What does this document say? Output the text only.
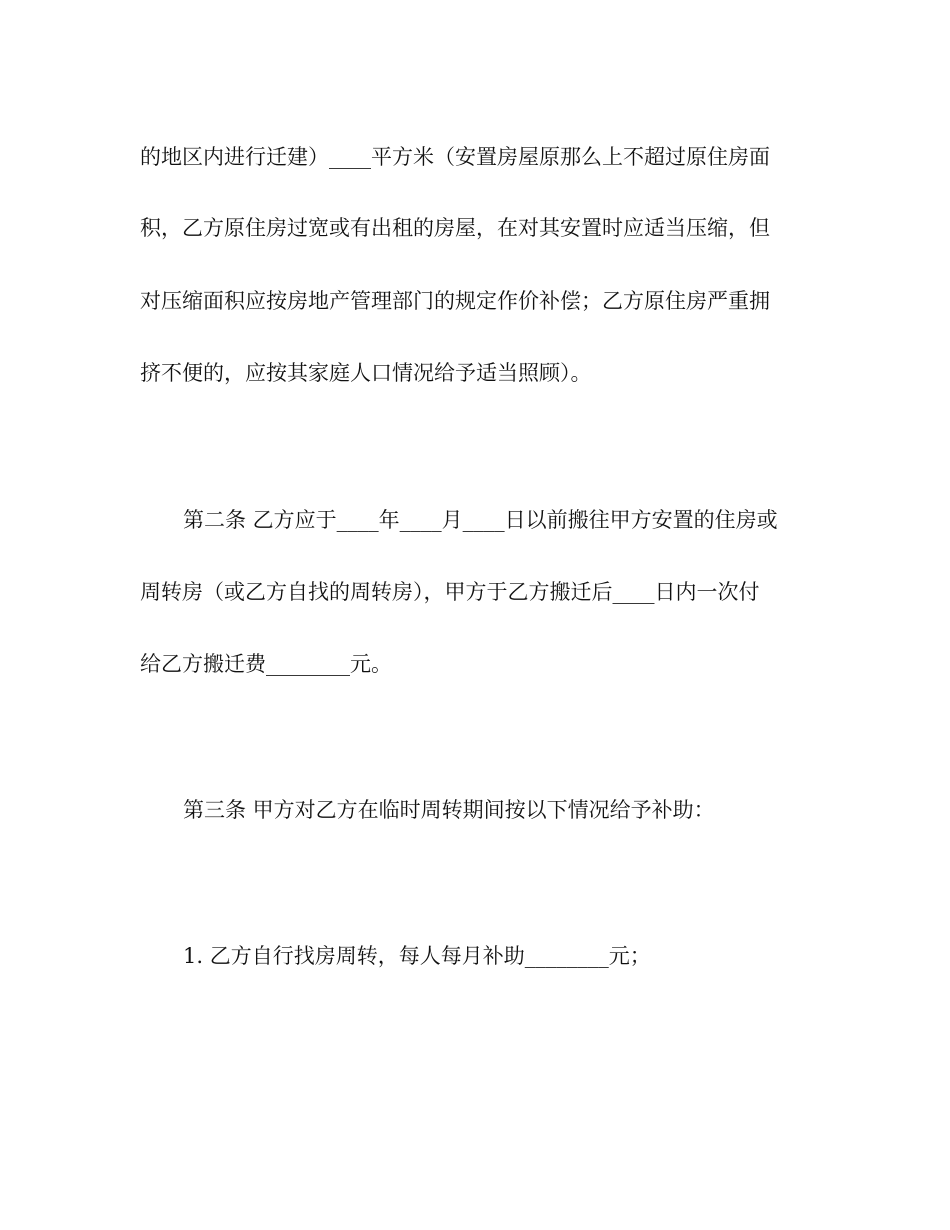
的地区内进行迁建）____平方米（安置房屋原那么上不超过原住房面
积，乙方原住房过宽或有出租的房屋，在对其安置时应适当压缩，但
对压缩面积应按房地产管理部门的规定作价补偿；乙方原住房严重拥
挤不便的，应按其家庭人口情况给予适当照顾）。
第二条 乙方应于____年____月____日以前搬往甲方安置的住房或
周转房（或乙方自找的周转房），甲方于乙方搬迁后____日内一次付
给乙方搬迁费________元。
第三条 甲方对乙方在临时周转期间按以下情况给予补助：
1. 乙方自行找房周转，每人每月补助________元；
